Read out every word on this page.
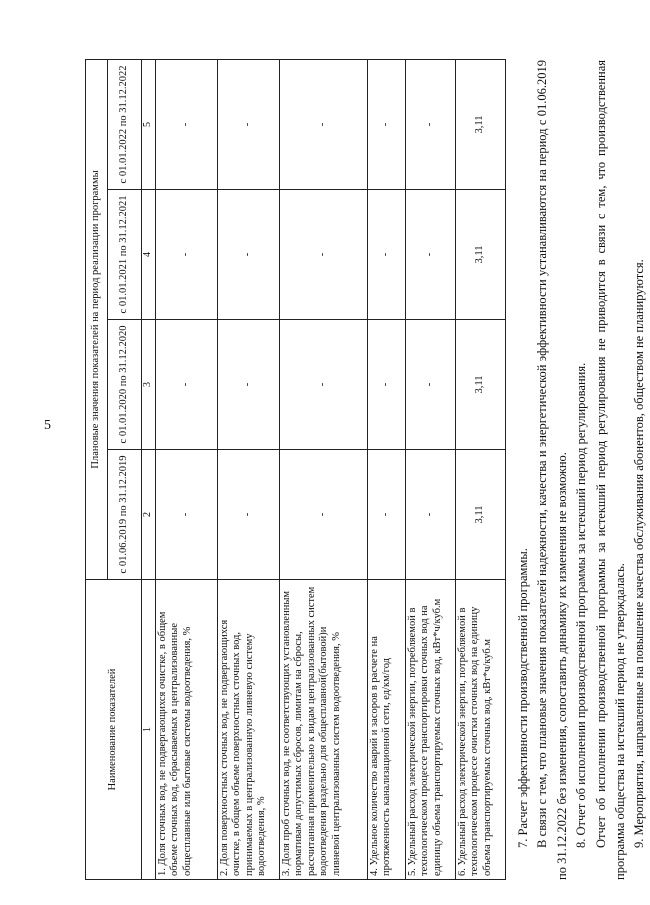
5
Наименование показателей	Плановые значения показателей на период реализации программы			
	с 01.06.2019 по 31.12.2019	с 01.01.2020 по 31.12.2020	с 01.01.2021 по 31.12.2021	с 01.01.2022 по 31.12.2022
1	2	3	4	5
1. Доля сточных вод, не подвергающихся очистке, в общем объеме сточных вод, сбрасываемых в централизованные общесплавные или бытовые системы водоотведения, %	-	-	-	-
2. Доля поверхностных сточных вод, не подвергающихся очистке, в общем объеме поверхностных сточных вод, принимаемых в централизованную ливневую систему водоотведения, %	-	-	-	-
3. Доля проб сточных вод, не соответствующих установленным нормативам допустимых сбросов, лимитам на сбросы, рассчитанная применительно к видам централизованных систем водоотведения раздельно для общесплавной(бытовой)и ливневой централизованных систем водоотведения, %	-	-	-	-
4. Удельное количество аварий и засоров в расчете на протяженность канализационной сети, ед/км/год	-	-	-	-
5. Удельный расход электрической энергии, потребляемой в технологическом процессе транспортировки сточных вод на единицу объема транспортируемых сточных вод, кВт*ч/куб.м	-	-	-	-
6. Удельный расход электрической энергии, потребляемой в технологическом процессе очистки сточных вод на единицу объема транспортируемых сточных вод, кВт*ч/куб.м	3,11	3,11	3,11	3,11

7. Расчет эффективности производственной программы. В связи с тем, что плановые значения показателей надежности, качества и энергетической эффективности устанавливаются на период с 01.06.2019 по 31.12.2022 без изменения, сопоставить динамику их изменения не возможно. 8. Отчет об исполнении производственной программы за истекший период регулирования. Отчет об исполнении производственной программы за истекший период регулирования не приводится в связи с тем, что производственная программа общества на истекший период не утверждалась. 9. Мероприятия, направленные на повышение качества обслуживания абонентов, обществом не планируются.
